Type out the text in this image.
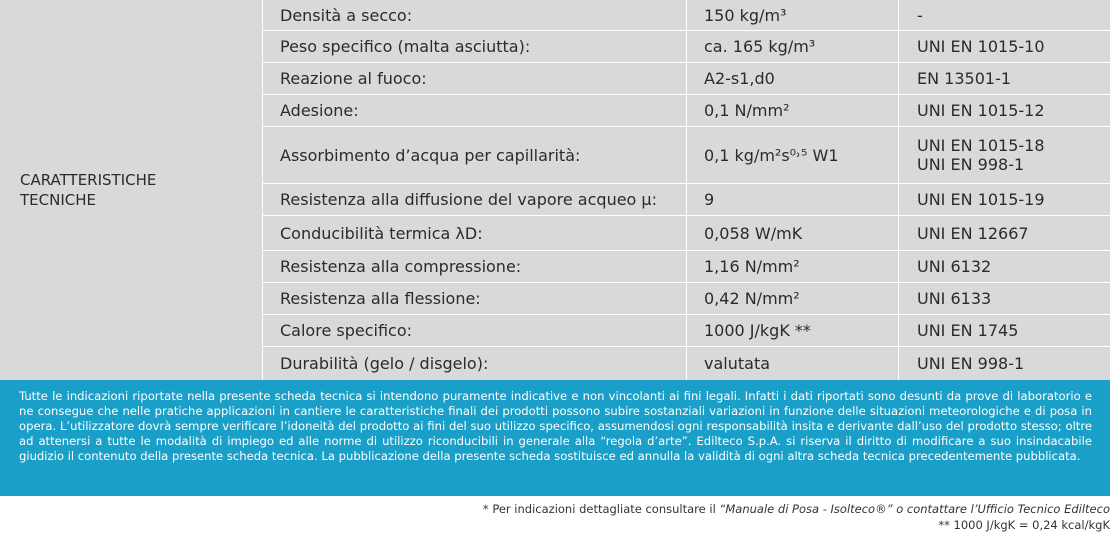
CARATTERISTICHE
TECNICHE
Densità a secco:	150 kg/m³	-
Peso specifico (malta asciutta):	ca. 165 kg/m³	UNI EN 1015-10
Reazione al fuoco:	A2-s1,d0	EN 13501-1
Adesione:	0,1 N/mm²	UNI EN 1015-12
Assorbimento d’acqua per capillarità:	0,1 kg/m²s⁰˒⁵ W1	UNI EN 1015-18
UNI EN 998-1
Resistenza alla diffusione del vapore acqueo μ:	9	UNI EN 1015-19
Conducibilità termica λD:	0,058 W/mK	UNI EN 12667
Resistenza alla compressione:	1,16 N/mm²	UNI 6132
Resistenza alla flessione:	0,42 N/mm²	UNI 6133
Calore specifico:	1000 J/kgK **	UNI EN 1745
Durabilità (gelo / disgelo):	valutata	UNI EN 998-1
Tutte le indicazioni riportate nella presente scheda tecnica si intendono puramente indicative e non vincolanti ai fini legali. Infatti i dati riportati sono desunti da prove di laboratorio e ne consegue che nelle pratiche applicazioni in cantiere le caratteristiche finali dei prodotti possono subire sostanziali variazioni in funzione delle situazioni meteorologiche e di posa in opera. L’utilizzatore dovrà sempre verificare l’idoneità del prodotto ai fini del suo utilizzo specifico, assumendosi ogni responsabilità insita e derivante dall’uso del prodotto stesso; oltre ad attenersi a tutte le modalità di impiego ed alle norme di utilizzo riconducibili in generale alla “regola d’arte”. Edilteco S.p.A. si riserva il diritto di modificare a suo insindacabile giudizio il contenuto della presente scheda tecnica. La pubblicazione della presente scheda sostituisce ed annulla la validità di ogni altra scheda tecnica precedentemente pubblicata.
* Per indicazioni dettagliate consultare il “Manuale di Posa - Isolteco®” o contattare l’Ufficio Tecnico Edilteco
** 1000 J/kgK = 0,24 kcal/kgK
